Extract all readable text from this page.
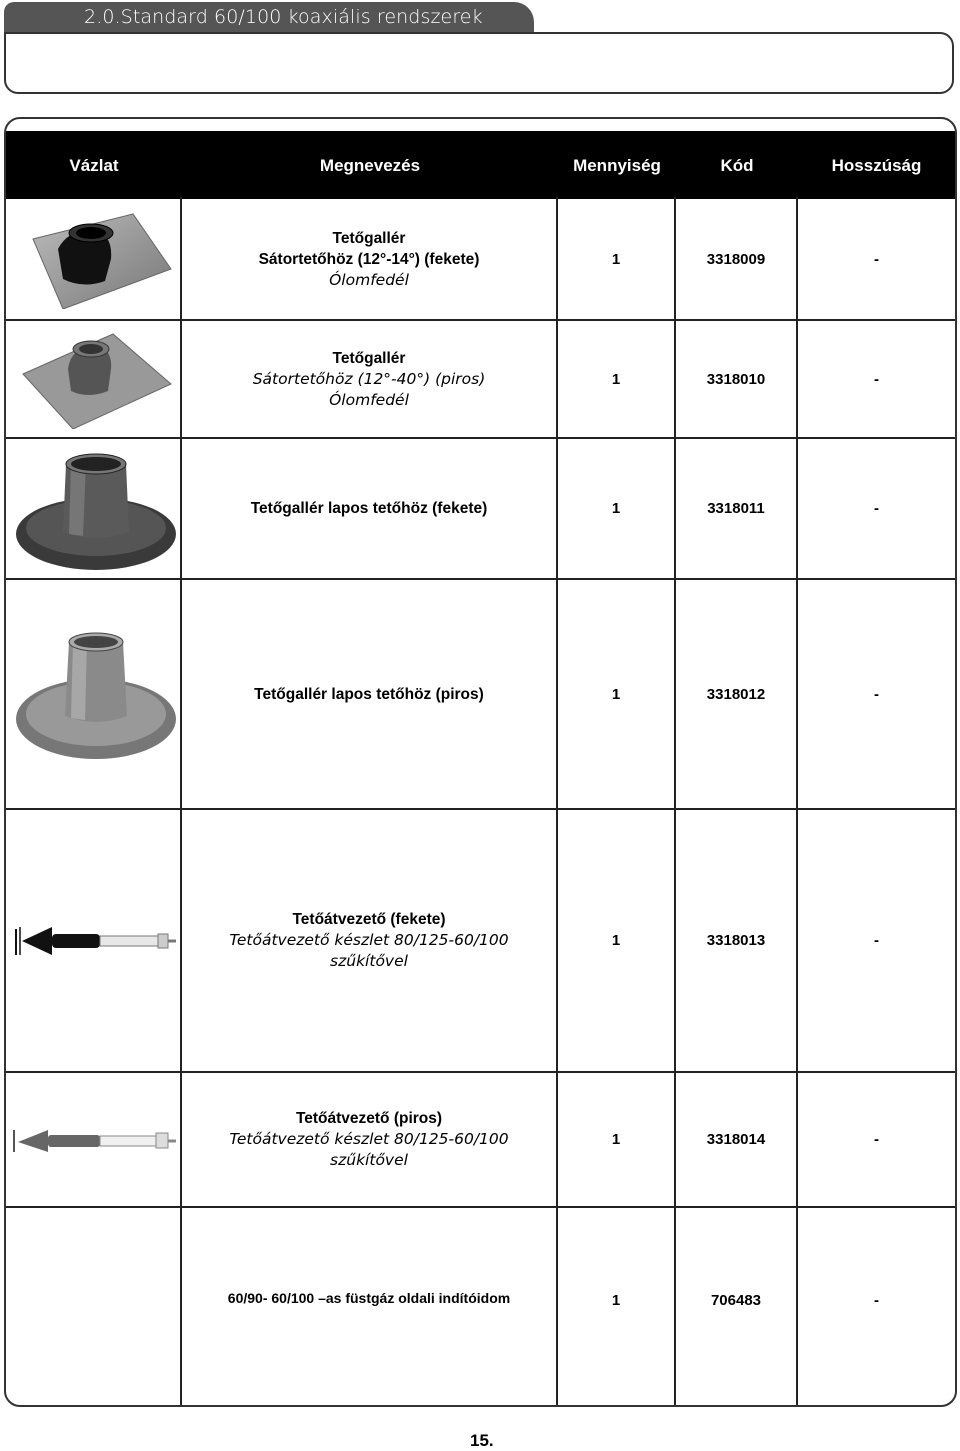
2.0.Standard 60/100 koaxiális rendszerek
Vázlat	Megnevezés	Mennyiség	Kód	Hosszúság
Tetőgallér
Sátortetőhöz (12°-14°) (fekete)
Ólomfedél
1	3318009	-
Tetőgallér
Sátortetőhöz (12°-40°) (piros)
Ólomfedél
1	3318010	-
Tetőgallér lapos tetőhöz (fekete)	1	3318011	-
Tetőgallér lapos tetőhöz (piros)	1	3318012	-
Tetőátvezető (fekete)
Tetőátvezető készlet 80/125-60/100
szűkítővel
1	3318013	-
Tetőátvezető (piros)
Tetőátvezető készlet 80/125-60/100
szűkítővel
1	3318014	-
60/90- 60/100 –as füstgáz oldali indítóidom	1	706483	-
15.
